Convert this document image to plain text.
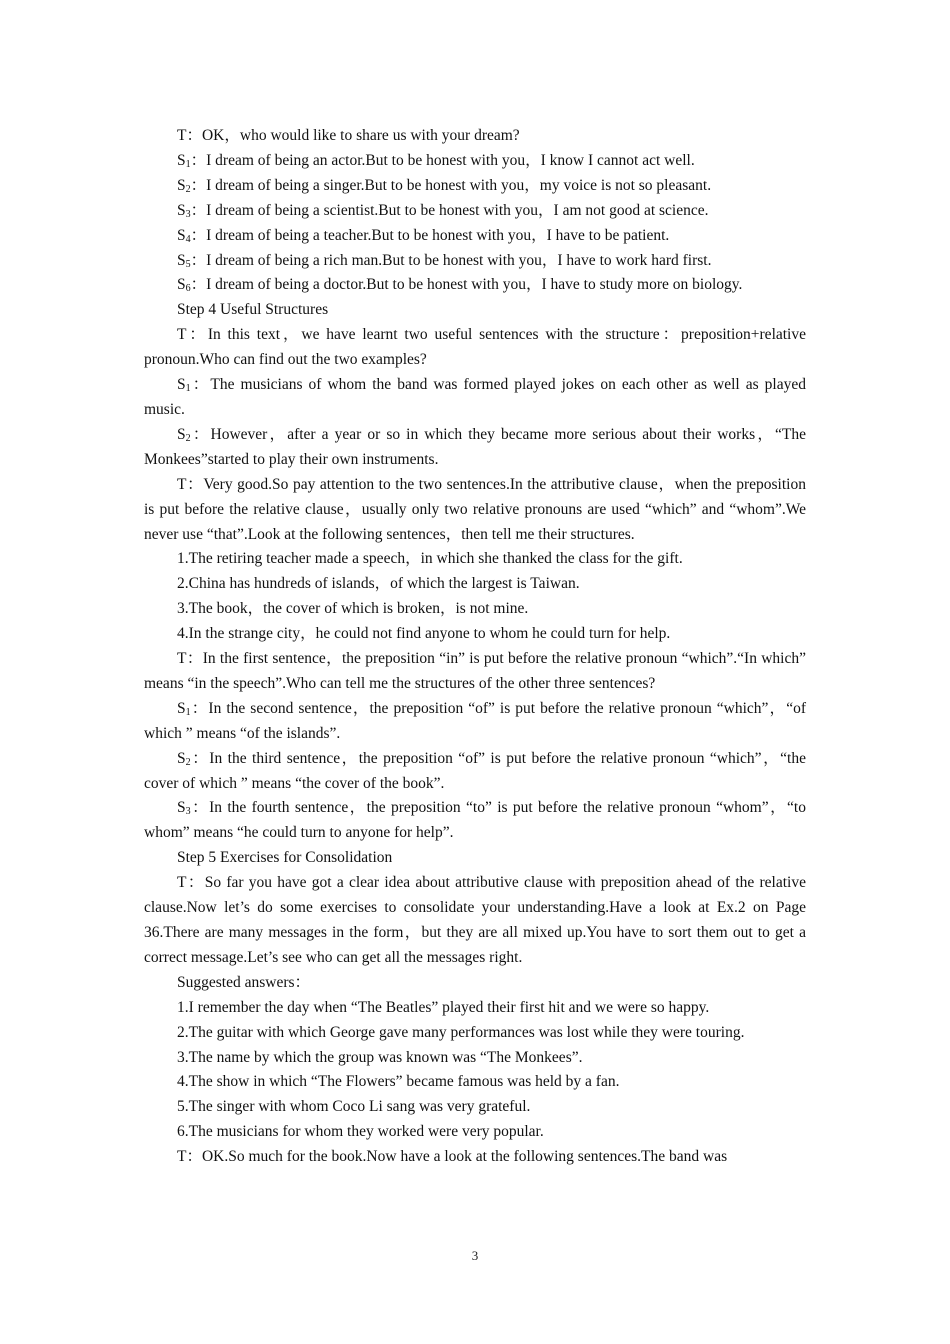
T：OK，who would like to share us with your dream?

$S_1$：I dream of being an actor.But to be honest with you，I know I cannot act well.

$S_2$：I dream of being a singer.But to be honest with you，my voice is not so pleasant.

$S_3$：I dream of being a scientist.But to be honest with you，I am not good at science.

$S_4$：I dream of being a teacher.But to be honest with you，I have to be patient.

$S_5$：I dream of being a rich man.But to be honest with you，I have to work hard first.

$S_6$：I dream of being a doctor.But to be honest with you，I have to study more on biology.

Step 4 Useful Structures

T：In this text，we have learnt two useful sentences with the structure：preposition+relative pronoun.Who can find out the two examples?

$S_1$：The musicians of whom the band was formed played jokes on each other as well as played music.

$S_2$：However，after a year or so in which they became more serious about their works，“The Monkees”started to play their own instruments.

T：Very good.So pay attention to the two sentences.In the attributive clause，when the preposition is put before the relative clause，usually only two relative pronouns are used “which” and “whom”.We never use “that”.Look at the following sentences，then tell me their structures.

1.The retiring teacher made a speech，in which she thanked the class for the gift.

2.China has hundreds of islands，of which the largest is Taiwan.

3.The book，the cover of which is broken，is not mine.

4.In the strange city，he could not find anyone to whom he could turn for help.

T：In the first sentence，the preposition “in” is put before the relative pronoun “which”.“In which” means “in the speech”.Who can tell me the structures of the other three sentences?

$S_1$：In the second sentence，the preposition “of” is put before the relative pronoun “which”，“of which ” means “of the islands”.

$S_2$：In the third sentence，the preposition “of” is put before the relative pronoun “which”，“the cover of which ” means “the cover of the book”.

$S_3$：In the fourth sentence，the preposition “to” is put before the relative pronoun “whom”，“to whom” means “he could turn to anyone for help”.

Step 5 Exercises for Consolidation

T：So far you have got a clear idea about attributive clause with preposition ahead of the relative clause.Now let’s do some exercises to consolidate your understanding.Have a look at Ex.2 on Page 36.There are many messages in the form，but they are all mixed up.You have to sort them out to get a correct message.Let’s see who can get all the messages right.

Suggested answers：

1.I remember the day when “The Beatles” played their first hit and we were so happy.

2.The guitar with which George gave many performances was lost while they were touring.

3.The name by which the group was known was “The Monkees”.

4.The show in which “The Flowers” became famous was held by a fan.

5.The singer with whom Coco Li sang was very grateful.

6.The musicians for whom they worked were very popular.

T：OK.So much for the book.Now have a look at the following sentences.The band was

3
